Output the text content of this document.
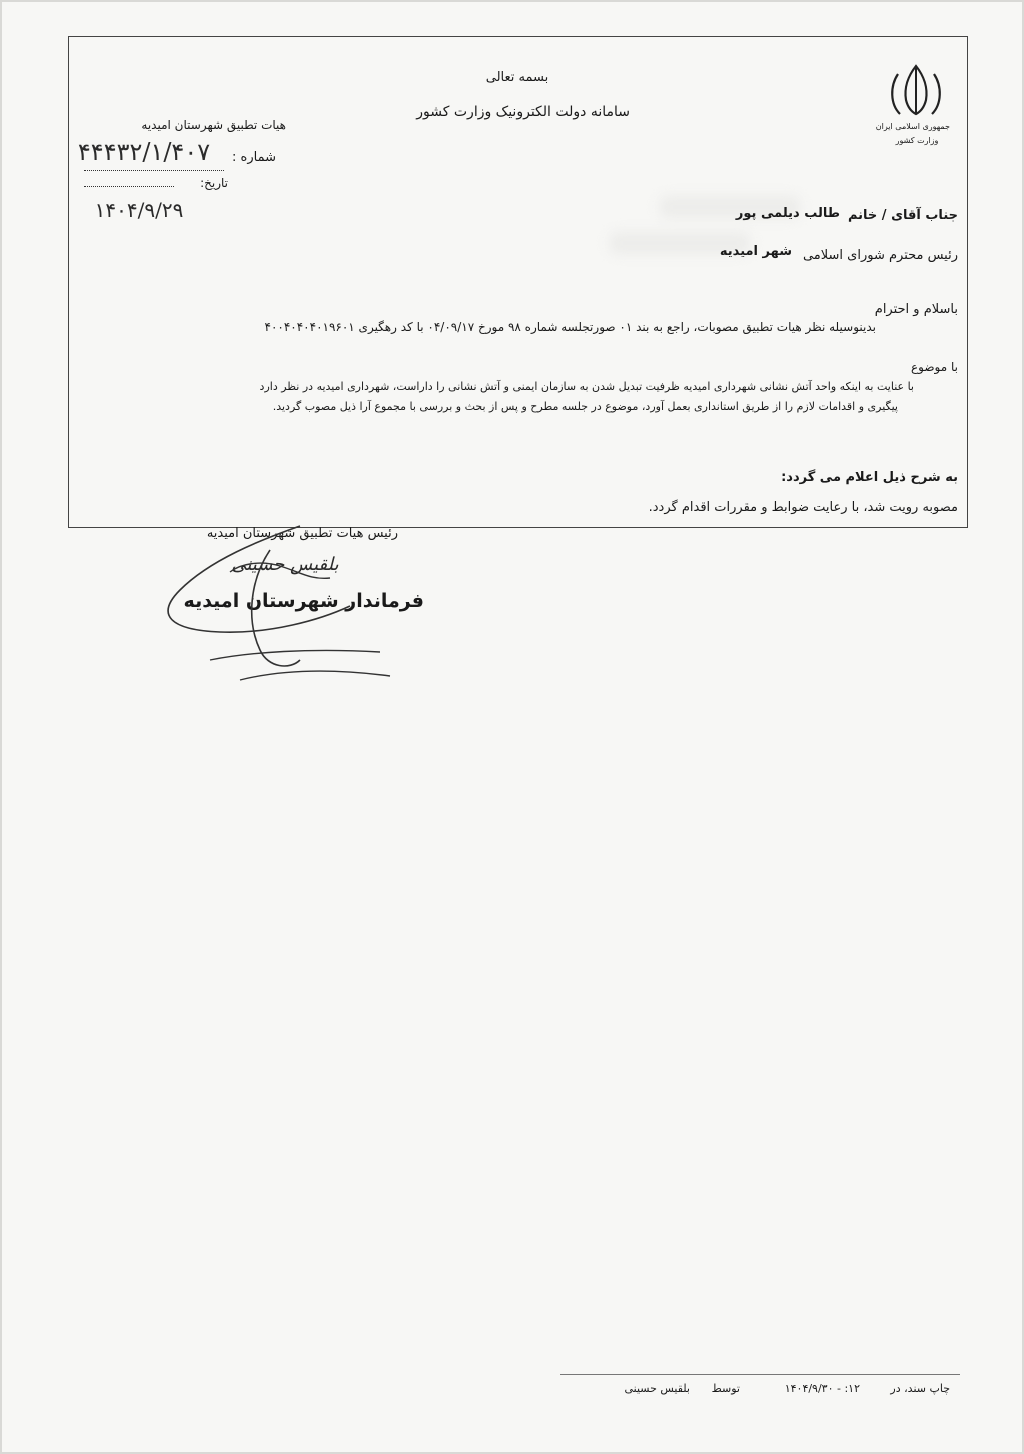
بسمه تعالی
سامانه دولت الکترونیک وزارت کشور
جمهوری اسلامی ایران
وزارت کشور
هیات تطبیق شهرستان امیدیه
شماره :
۴۴۴۳۲/۱/۴۰۷
تاریخ:
۱۴۰۴/۹/۲۹	جناب آقای / خانم
طالب دیلمی پور
رئیس محترم شورای اسلامی
شهر امیدیه
باسلام و احترام
بدینوسیله نظر هیات تطبیق مصوبات، راجع به بند ۰۱ صورتجلسه شماره ۹۸ مورخ ۰۴/۰۹/۱۷ با کد رهگیری ۴۰۰۴۰۴۰۴۰۱۹۶۰۱
با موضوع
با عنایت به اینکه واحد آتش نشانی شهرداری امیدیه ظرفیت تبدیل شدن به سازمان ایمنی و آتش نشانی را داراست، شهرداری امیدیه در نظر دارد
پیگیری و اقدامات لازم را از طریق استانداری بعمل آورد، موضوع در جلسه مطرح و پس از بحث و بررسی با مجموع آرا ذیل مصوب گردید.
به شرح ذیل اعلام می گردد:
مصوبه رویت شد، با رعایت ضوابط و مقررات اقدام گردد.
رئیس هیات تطبیق شهرستان امیدیه
بلقیس حسینی
فرماندار شهرستان امیدیه
چاپ سند، در
۱۲: - ۱۴۰۴/۹/۳۰
توسط
بلقیس حسینی
